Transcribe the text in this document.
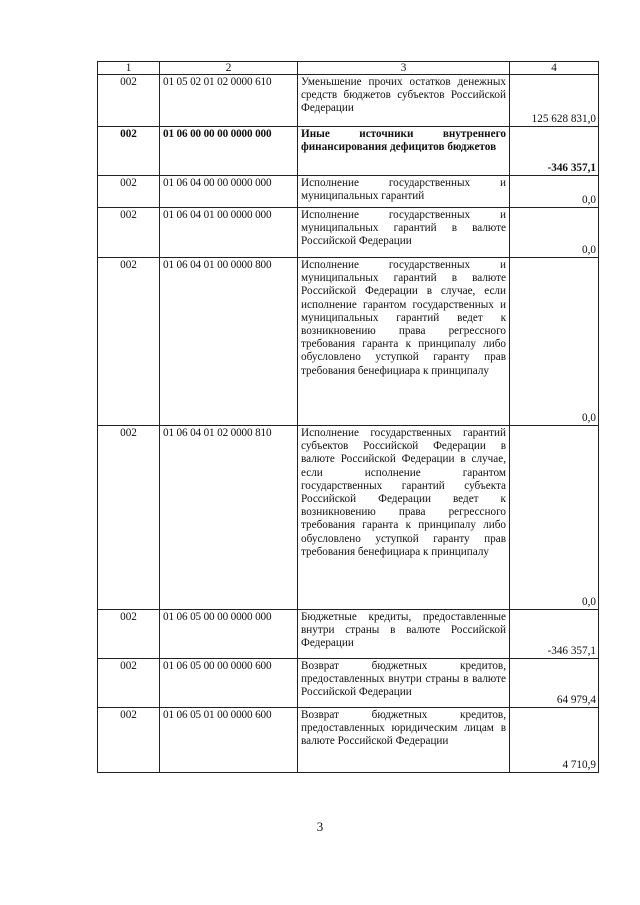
1	2	3	4
002	01 05 02 01 02 0000 610	Уменьшение прочих остатков денежных средств бюджетов субъектов Российской Федерации	125 628 831,0
002	01 06 00 00 00 0000 000	Иные источники внутреннего финансирования дефицитов бюджетов	-346 357,1
002	01 06 04 00 00 0000 000	Исполнение государственных и муниципальных гарантий	0,0
002	01 06 04 01 00 0000 000	Исполнение государственных и муниципальных гарантий в валюте Российской Федерации	0,0
002	01 06 04 01 00 0000 800	Исполнение государственных и муниципальных гарантий в валюте Российской Федерации в случае, если исполнение гарантом государственных и муниципальных гарантий ведет к возникновению права регрессного требования гаранта к принципалу либо обусловлено уступкой гаранту прав требования бенефициара к принципалу	0,0
002	01 06 04 01 02 0000 810	Исполнение государственных гарантий субъектов Российской Федерации в валюте Российской Федерации в случае, если исполнение гарантом государственных гарантий субъекта Российской Федерации ведет к возникновению права регрессного требования гаранта к принципалу либо обусловлено уступкой гаранту прав требования бенефициара к принципалу	0,0
002	01 06 05 00 00 0000 000	Бюджетные кредиты, предоставленные внутри страны в валюте Российской Федерации	-346 357,1
002	01 06 05 00 00 0000 600	Возврат бюджетных кредитов, предоставленных внутри страны в валюте Российской Федерации	64 979,4
002	01 06 05 01 00 0000 600	Возврат бюджетных кредитов, предоставленных юридическим лицам в валюте Российской Федерации	4 710,9
3
